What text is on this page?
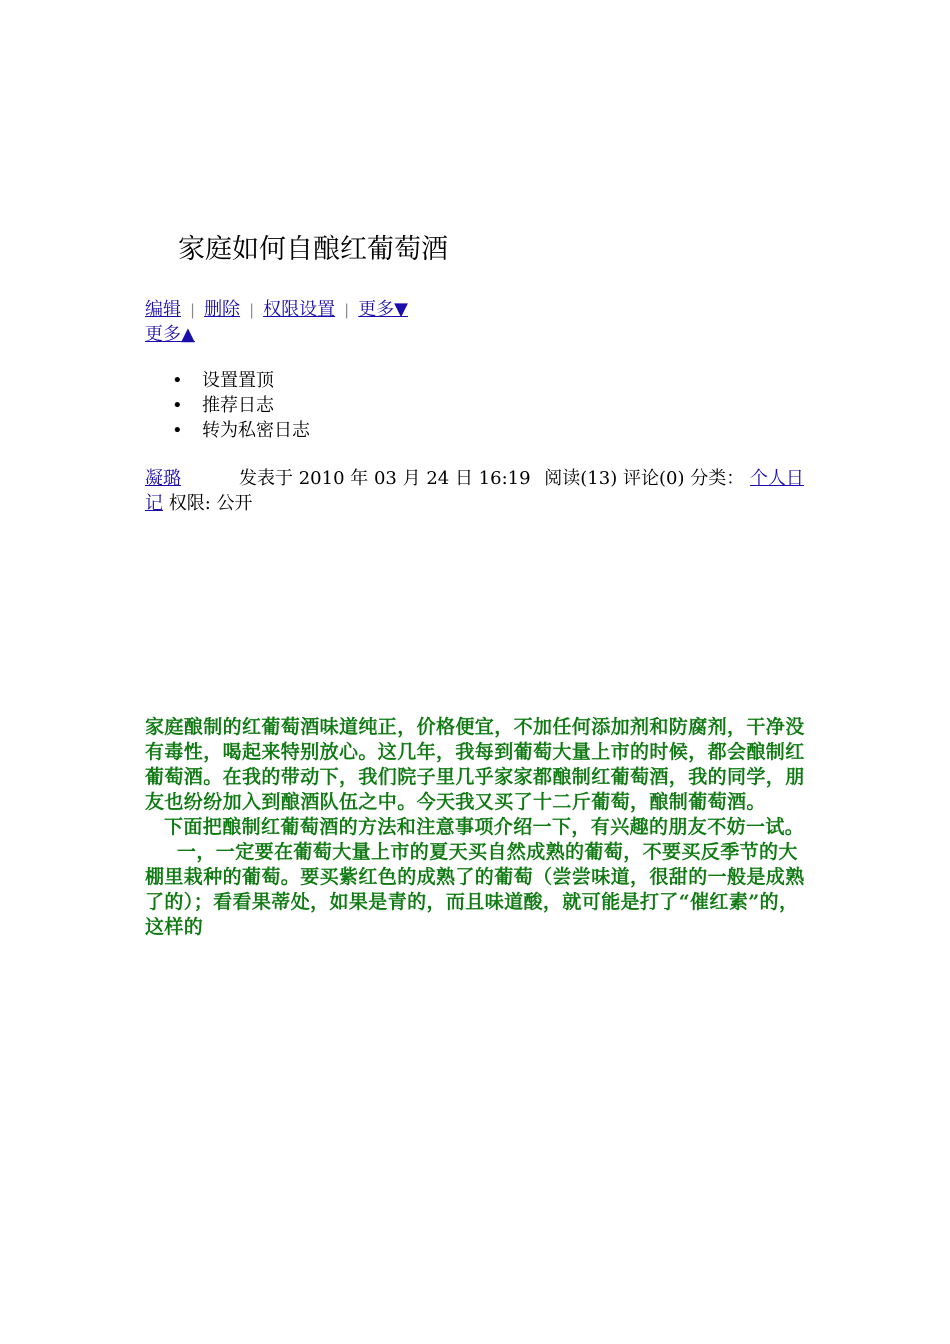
家庭如何自酿红葡萄酒
编辑 | 删除 | 权限设置 | 更多▼
更多▲
• 设置置顶
• 推荐日志
• 转为私密日志
凝璐	发表于 2010 年 03 月 24 日 16:19 阅读(13) 评论(0) 分类： 个人日记 权限: 公开

家庭酿制的红葡萄酒味道纯正，价格便宜，不加任何添加剂和防腐剂，干净没有毒性，喝起来特别放心。这几年，我每到葡萄大量上市的时候，都会酿制红葡萄酒。在我的带动下，我们院子里几乎家家都酿制红葡萄酒，我的同学，朋友也纷纷加入到酿酒队伍之中。今天我又买了十二斤葡萄，酿制葡萄酒。

下面把酿制红葡萄酒的方法和注意事项介绍一下，有兴趣的朋友不妨一试。

一，一定要在葡萄大量上市的夏天买自然成熟的葡萄，不要买反季节的大棚里栽种的葡萄。要买紫红色的成熟了的葡萄（尝尝味道，很甜的一般是成熟了的）；看看果蒂处，如果是青的，而且味道酸，就可能是打了“催红素”的，这样的
